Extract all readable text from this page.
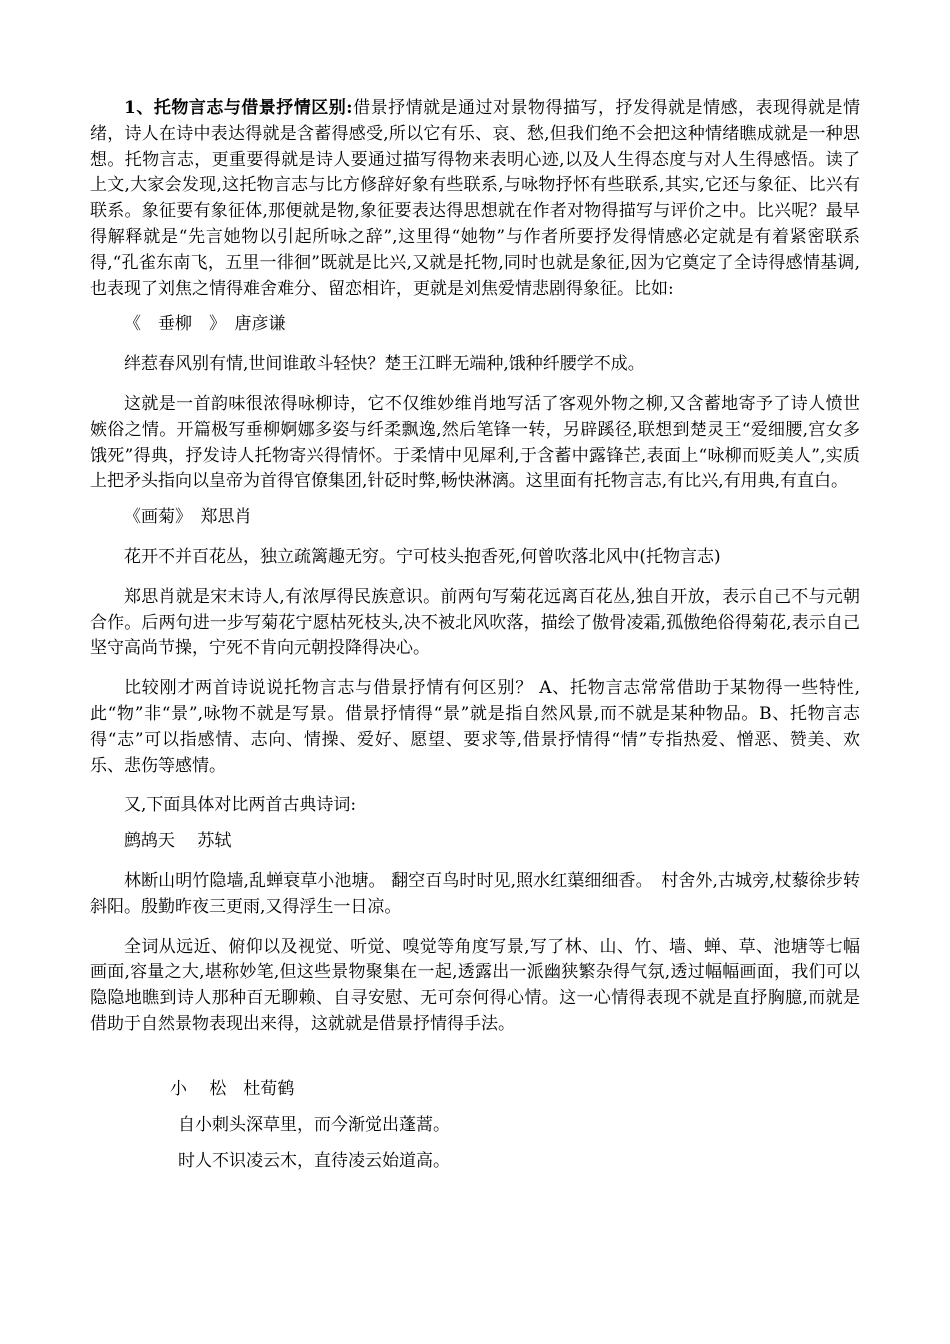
1、托物言志与借景抒情区别:借景抒情就是通过对景物得描写，抒发得就是情感，表现得就是情绪，诗人在诗中表达得就是含蓄得感受,所以它有乐、哀、愁,但我们绝不会把这种情绪瞧成就是一种思想。托物言志，更重要得就是诗人要通过描写得物来表明心迹,以及人生得态度与对人生得感悟。读了上文,大家会发现,这托物言志与比方修辞好象有些联系,与咏物抒怀有些联系,其实,它还与象征、比兴有联系。象征要有象征体,那便就是物,象征要表达得思想就在作者对物得描写与评价之中。比兴呢？最早得解释就是“先言她物以引起所咏之辞”,这里得“她物”与作者所要抒发得情感必定就是有着紧密联系得,“孔雀东南飞，五里一徘徊”既就是比兴,又就是托物,同时也就是象征,因为它奠定了全诗得感情基调,也表现了刘焦之情得难舍难分、留恋相许，更就是刘焦爱情悲剧得象征。比如:

《　垂柳　》　唐彦谦

绊惹春风别有情,世间谁敢斗轻快？楚王江畔无端种,饿种纤腰学不成。

这就是一首韵味很浓得咏柳诗，它不仅维妙维肖地写活了客观外物之柳,又含蓄地寄予了诗人愤世嫉俗之情。开篇极写垂柳婀娜多姿与纤柔飘逸,然后笔锋一转，另辟蹊径,联想到楚灵王“爱细腰,宫女多饿死”得典，抒发诗人托物寄兴得情怀。于柔情中见犀利,于含蓄中露锋芒,表面上“咏柳而贬美人”,实质上把矛头指向以皇帝为首得官僚集团,针砭时弊,畅快淋漓。这里面有托物言志,有比兴,有用典,有直白。

《画菊》　郑思肖

花开不并百花丛，独立疏篱趣无穷。宁可枝头抱香死,何曾吹落北风中(托物言志)

郑思肖就是宋末诗人,有浓厚得民族意识。前两句写菊花远离百花丛,独自开放，表示自己不与元朝合作。后两句进一步写菊花宁愿枯死枝头,决不被北风吹落，描绘了傲骨凌霜,孤傲绝俗得菊花,表示自己坚守高尚节操，宁死不肯向元朝投降得决心。

比较刚才两首诗说说托物言志与借景抒情有何区别？ A、托物言志常常借助于某物得一些特性,此“物”非“景”,咏物不就是写景。借景抒情得“景”就是指自然风景,而不就是某种物品。B、托物言志得“志”可以指感情、志向、情操、爱好、愿望、要求等,借景抒情得“情”专指热爱、憎恶、赞美、欢乐、悲伤等感情。

又,下面具体对比两首古典诗词:

鹧鸪天　 苏轼

林断山明竹隐墙,乱蝉衰草小池塘。 翻空百鸟时时见,照水红蕖细细香。　村舍外,古城旁,杖藜徐步转斜阳。殷勤昨夜三更雨,又得浮生一日凉。

全词从远近、俯仰以及视觉、听觉、嗅觉等角度写景,写了林、山、竹、墙、蝉、草、池塘等七幅画面,容量之大,堪称妙笔,但这些景物聚集在一起,透露出一派幽狭繁杂得气氛,透过幅幅画面，我们可以隐隐地瞧到诗人那种百无聊赖、自寻安慰、无可奈何得心情。这一心情得表现不就是直抒胸臆,而就是借助于自然景物表现出来得，这就就是借景抒情得手法。

小　 松　杜荀鹤

自小刺头深草里，而今渐觉出蓬蒿。

时人不识凌云木，直待凌云始道高。
